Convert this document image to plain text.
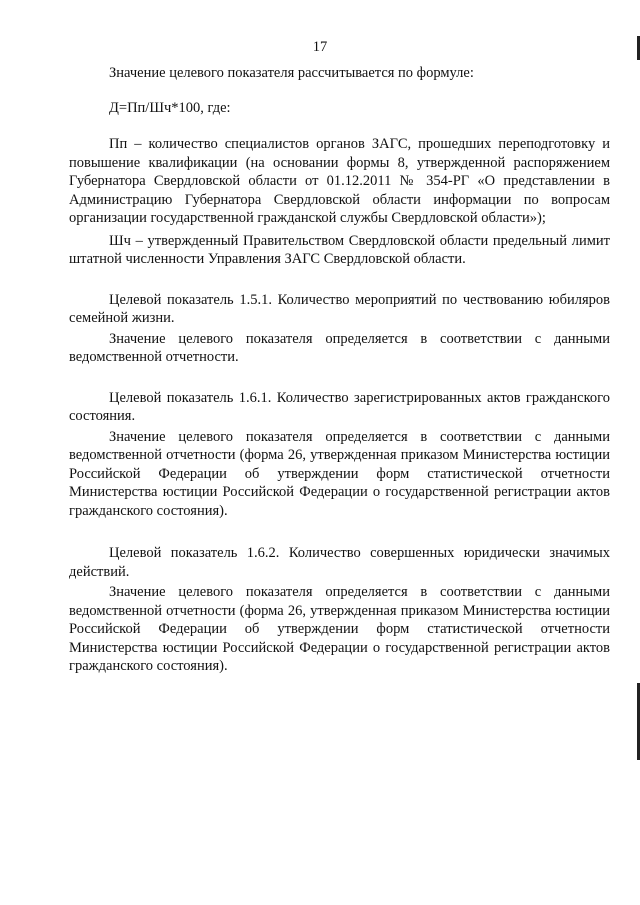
17

Значение целевого показателя рассчитывается по формуле:

Д=Пп/Шч*100, где:

Пп – количество специалистов органов ЗАГС, прошедших переподготовку и повышение квалификации (на основании формы 8, утвержденной распоряжением Губернатора Свердловской области от 01.12.2011 № 354-РГ «О представлении в Администрацию Губернатора Свердловской области информации по вопросам организации государственной гражданской службы Свердловской области»);

Шч – утвержденный Правительством Свердловской области предельный лимит штатной численности Управления ЗАГС Свердловской области.

Целевой показатель 1.5.1. Количество мероприятий по чествованию юбиляров семейной жизни.

Значение целевого показателя определяется в соответствии с данными ведомственной отчетности.

Целевой показатель 1.6.1. Количество зарегистрированных актов гражданского состояния.

Значение целевого показателя определяется в соответствии с данными ведомственной отчетности (форма 26, утвержденная приказом Министерства юстиции Российской Федерации об утверждении форм статистической отчетности Министерства юстиции Российской Федерации о государственной регистрации актов гражданского состояния).

Целевой показатель 1.6.2. Количество совершенных юридически значимых действий.

Значение целевого показателя определяется в соответствии с данными ведомственной отчетности (форма 26, утвержденная приказом Министерства юстиции Российской Федерации об утверждении форм статистической отчетности Министерства юстиции Российской Федерации о государственной регистрации актов гражданского состояния).
